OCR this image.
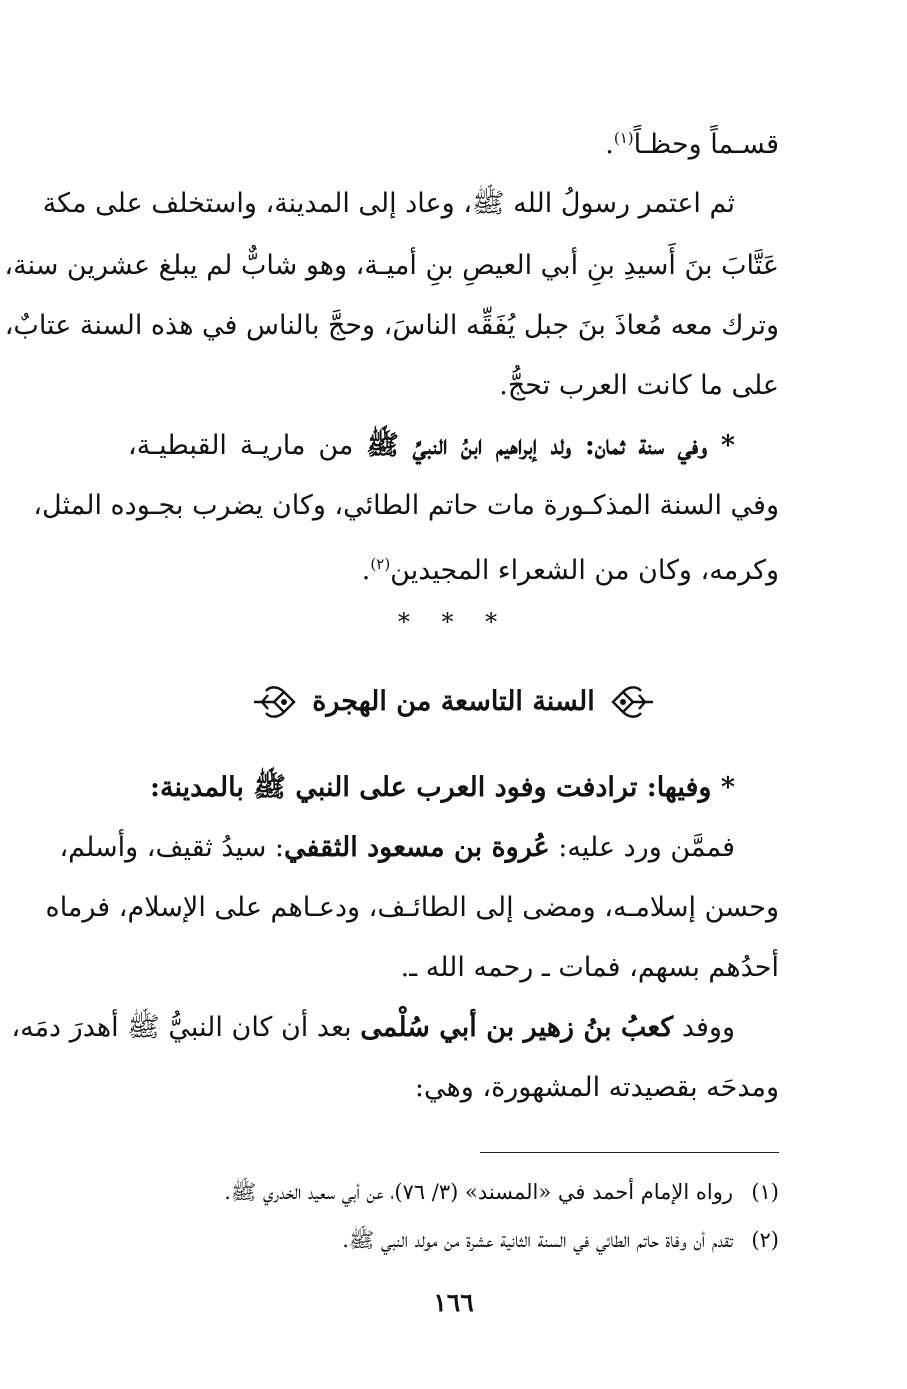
قسـماً وحظـاً$^{(١)}$.
ثم اعتمر رسولُ الله ﷺ، وعاد إلى المدينة، واستخلف على مكة
عَتَّابَ بنَ أَسيدِ بنِ أبي العيصِ بنِ أميـة، وهو شابٌّ لم يبلغ عشرين سنة،
وترك معه مُعاذَ بنَ جبل يُفَقِّه الناسَ، وحجَّ بالناس في هذه السنة عتابٌ،
على ما كانت العرب تحجُّ.
* وفي سنة ثمان: ولد إبراهيم ابنُ النبيِّ ﷺ من ماريـة القبطيـة،
وفي السنة المذكـورة مات حاتم الطائي، وكان يضرب بجـوده المثل،
وكرمه، وكان من الشعراء المجيدين$^{(٢)}$.
* * *
السنة التاسعة من الهجرة
* وفيها: ترادفت وفود العرب على النبي ﷺ بالمدينة:
فممَّن ورد عليه: عُروة بن مسعود الثقفي: سيدُ ثقيف، وأسلم،
وحسن إسلامـه، ومضى إلى الطائـف، ودعـاهم على الإسلام، فرماه
أحدُهم بسهم، فمات ـ رحمه الله ـ.
ووفد كعبُ بنُ زهير بن أبي سُلْمى بعد أن كان النبيُّ ﷺ أهدرَ دمَه،
ومدحَه بقصيدته المشهورة، وهي:
(١)رواه الإمام أحمد في «المسند» (٣/ ٧٦)، عن أبي سعيد الخدري ﷺ.
(٢)تقدم أن وفاة حاتم الطائي في السنة الثانية عشرة من مولد النبي ﷺ.
١٦٦
